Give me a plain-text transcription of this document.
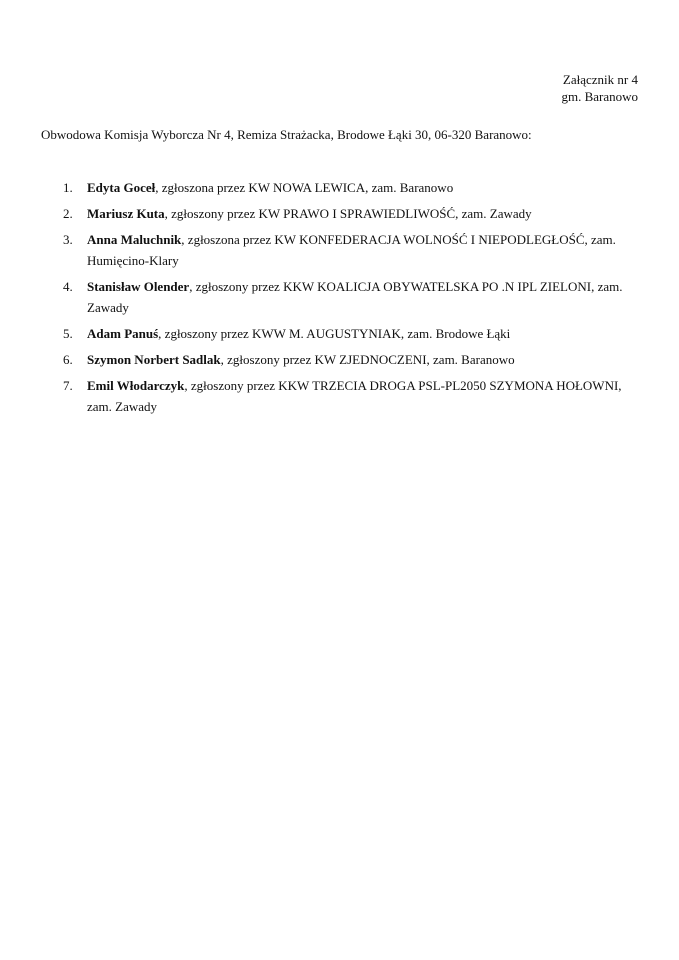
Załącznik nr 4
gm. Baranowo
Obwodowa Komisja Wyborcza Nr 4, Remiza Strażacka, Brodowe Łąki 30, 06-320 Baranowo:
1. Edyta Goceł, zgłoszona przez KW NOWA LEWICA, zam. Baranowo
2. Mariusz Kuta, zgłoszony przez KW PRAWO I SPRAWIEDLIWOŚĆ, zam. Zawady
3. Anna Maluchnik, zgłoszona przez KW KONFEDERACJA WOLNOŚĆ I NIEPODLEGŁOŚĆ, zam. Humięcino-Klary
4. Stanisław Olender, zgłoszony przez KKW KOALICJA OBYWATELSKA PO .N IPL ZIELONI, zam. Zawady
5. Adam Panuś, zgłoszony przez KWW M. AUGUSTYNIAK, zam. Brodowe Łąki
6. Szymon Norbert Sadlak, zgłoszony przez KW ZJEDNOCZENI, zam. Baranowo
7. Emil Włodarczyk, zgłoszony przez KKW TRZECIA DROGA PSL-PL2050 SZYMONA HOŁOWNI, zam. Zawady
